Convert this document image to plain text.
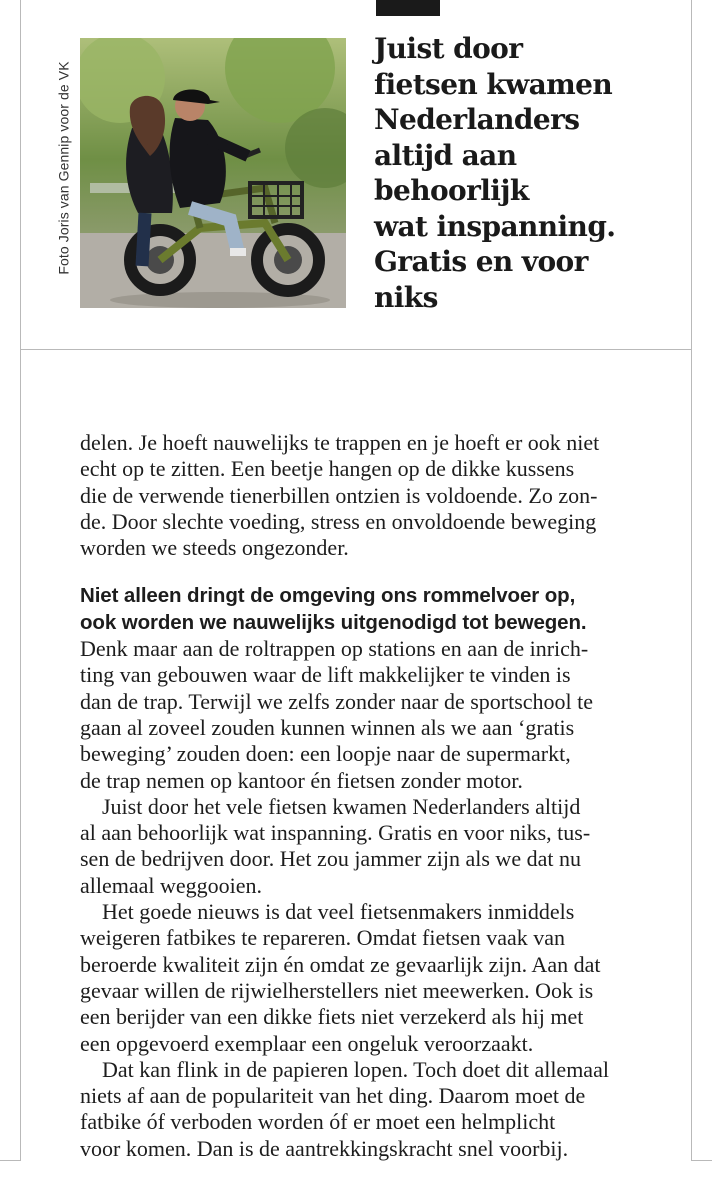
Foto Joris van Gennip voor de VK
Juist door
fietsen kwamen
Nederlanders
altijd aan
behoorlijk
wat inspanning.
Gratis en voor
niks
delen. Je hoeft nauwelijks te trappen en je hoeft er ook niet
echt op te zitten. Een beetje hangen op de dikke kussens
die de verwende tienerbillen ontzien is voldoende. Zo zon-
de. Door slechte voeding, stress en onvoldoende beweging
worden we steeds ongezonder.
Niet alleen dringt de omgeving ons rommelvoer op,
ook worden we nauwelijks uitgenodigd tot bewegen.
Denk maar aan de roltrappen op stations en aan de inrich-
ting van gebouwen waar de lift makkelijker te vinden is
dan de trap. Terwijl we zelfs zonder naar de sportschool te
gaan al zoveel zouden kunnen winnen als we aan ‘gratis
beweging’ zouden doen: een loopje naar de supermarkt,
de trap nemen op kantoor én fietsen zonder motor.
Juist door het vele fietsen kwamen Nederlanders altijd
al aan behoorlijk wat inspanning. Gratis en voor niks, tus-
sen de bedrijven door. Het zou jammer zijn als we dat nu
allemaal weggooien.
Het goede nieuws is dat veel fietsenmakers inmiddels
weigeren fatbikes te repareren. Omdat fietsen vaak van
beroerde kwaliteit zijn én omdat ze gevaarlijk zijn. Aan dat
gevaar willen de rijwielherstellers niet meewerken. Ook is
een berijder van een dikke fiets niet verzekerd als hij met
een opgevoerd exemplaar een ongeluk veroorzaakt.
Dat kan flink in de papieren lopen. Toch doet dit allemaal
niets af aan de populariteit van het ding. Daarom moet de
fatbike óf verboden worden óf er moet een helmplicht
voor komen. Dan is de aantrekkingskracht snel voorbij.
